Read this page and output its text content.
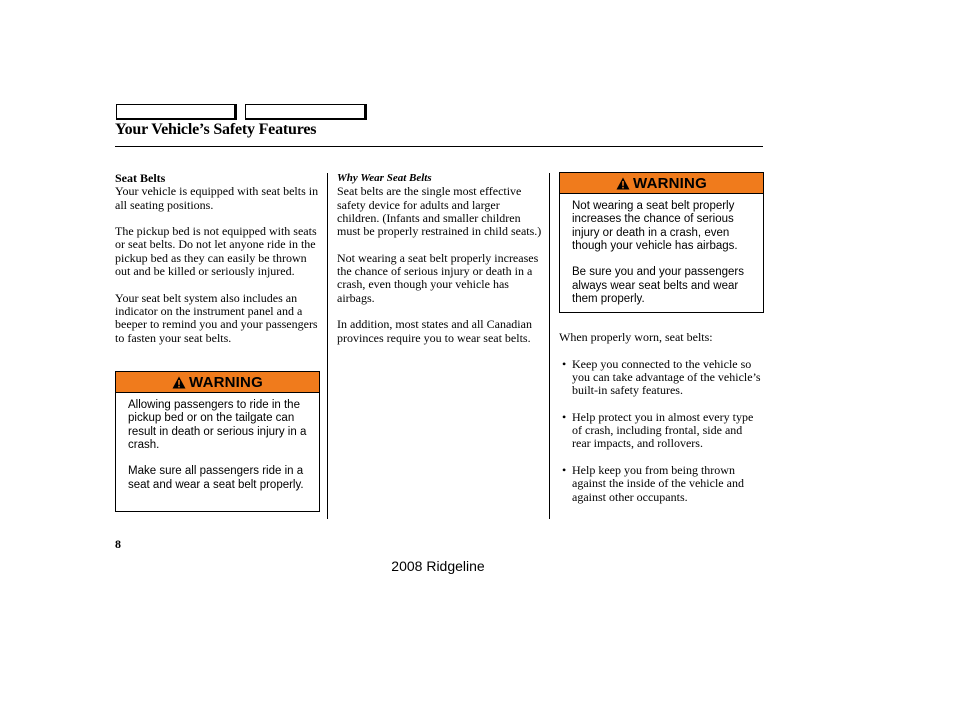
Your Vehicle’s Safety Features
Seat Belts

Your vehicle is equipped with seat belts in all seating positions.

The pickup bed is not equipped with seats or seat belts. Do not let anyone ride in the pickup bed as they can easily be thrown out and be killed or seriously injured.

Your seat belt system also includes an indicator on the instrument panel and a beeper to remind you and your passengers to fasten your seat belts.

WARNING

Allowing passengers to ride in the pickup bed or on the tailgate can result in death or serious injury in a crash.

Make sure all passengers ride in a seat and wear a seat belt properly.

Why Wear Seat Belts

Seat belts are the single most effective safety device for adults and larger children. (Infants and smaller children must be properly restrained in child seats.)

Not wearing a seat belt properly increases the chance of serious injury or death in a crash, even though your vehicle has airbags.

In addition, most states and all Canadian provinces require you to wear seat belts.

WARNING

Not wearing a seat belt properly increases the chance of serious injury or death in a crash, even though your vehicle has airbags.

Be sure you and your passengers always wear seat belts and wear them properly.

When properly worn, seat belts:

• Keep you connected to the vehicle so you can take advantage of the vehicle’s built-in safety features.
• Help protect you in almost every type of crash, including frontal, side and rear impacts, and rollovers.
• Help keep you from being thrown against the inside of the vehicle and against other occupants.
8
2008 Ridgeline
